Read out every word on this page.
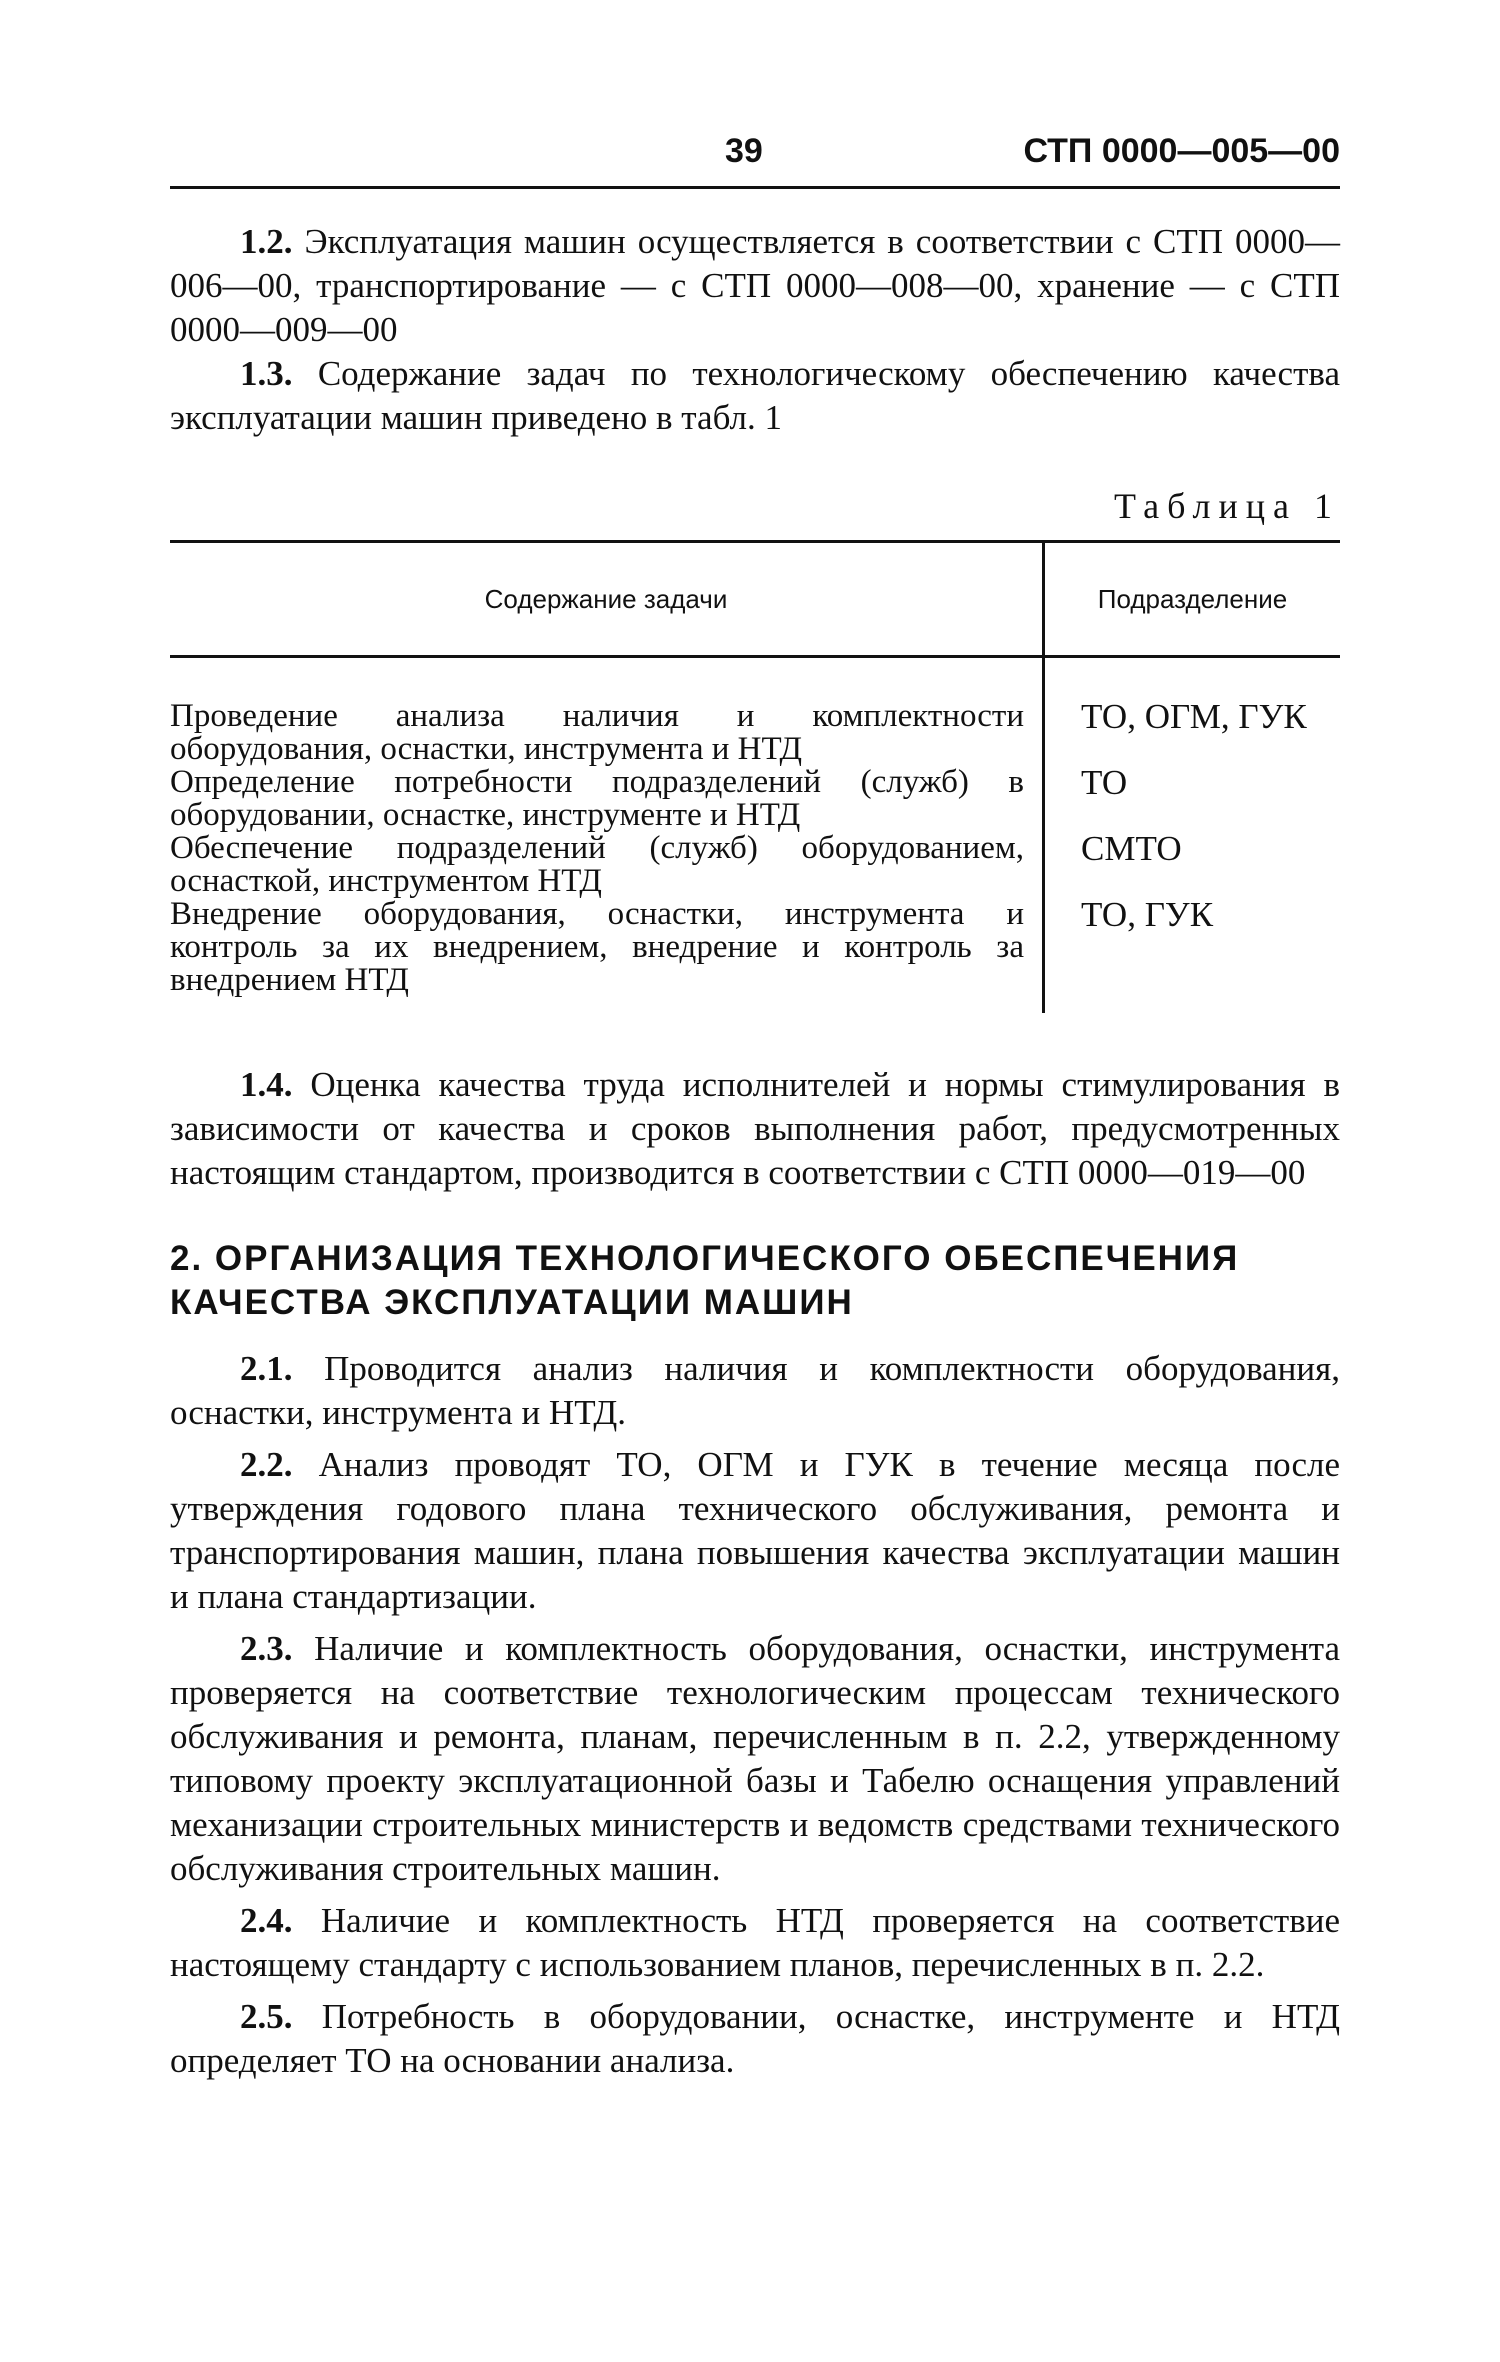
39	СТП 0000—005—00

1.2. Эксплуатация машин осуществляется в соответствии с СТП 0000—006—00, транспортирование — с СТП 0000—008—00, хранение — с СТП 0000—009—00

1.3. Содержание задач по технологическому обеспечению качества эксплуатации машин приведено в табл. 1

Таблица 1
Содержание задачи	Подразделение
Проведение анализа наличия и комплектности оборудования, оснастки, инструмента и НТД	ТО, ОГМ, ГУК
Определение потребности подразделений (служб) в оборудовании, оснастке, инструменте и НТД	ТО
Обеспечение подразделений (служб) оборудованием, оснасткой, инструментом НТД	СМТО
Внедрение оборудования, оснастки, инструмента и контроль за их внедрением, внедрение и контроль за внедрением НТД	ТО, ГУК

1.4. Оценка качества труда исполнителей и нормы стимулирования в зависимости от качества и сроков выполнения работ, предусмотренных настоящим стандартом, производится в соответствии с СТП 0000—019—00

2. ОРГАНИЗАЦИЯ ТЕХНОЛОГИЧЕСКОГО ОБЕСПЕЧЕНИЯ КАЧЕСТВА ЭКСПЛУАТАЦИИ МАШИН

2.1. Проводится анализ наличия и комплектности оборудования, оснастки, инструмента и НТД.

2.2. Анализ проводят ТО, ОГМ и ГУК в течение месяца после утверждения годового плана технического обслуживания, ремонта и транспортирования машин, плана повышения качества эксплуатации машин и плана стандартизации.

2.3. Наличие и комплектность оборудования, оснастки, инструмента проверяется на соответствие технологическим процессам технического обслуживания и ремонта, планам, перечисленным в п. 2.2, утвержденному типовому проекту эксплуатационной базы и Табелю оснащения управлений механизации строительных министерств и ведомств средствами технического обслуживания строительных машин.

2.4. Наличие и комплектность НТД проверяется на соответствие настоящему стандарту с использованием планов, перечисленных в п. 2.2.

2.5. Потребность в оборудовании, оснастке, инструменте и НТД определяет ТО на основании анализа.
